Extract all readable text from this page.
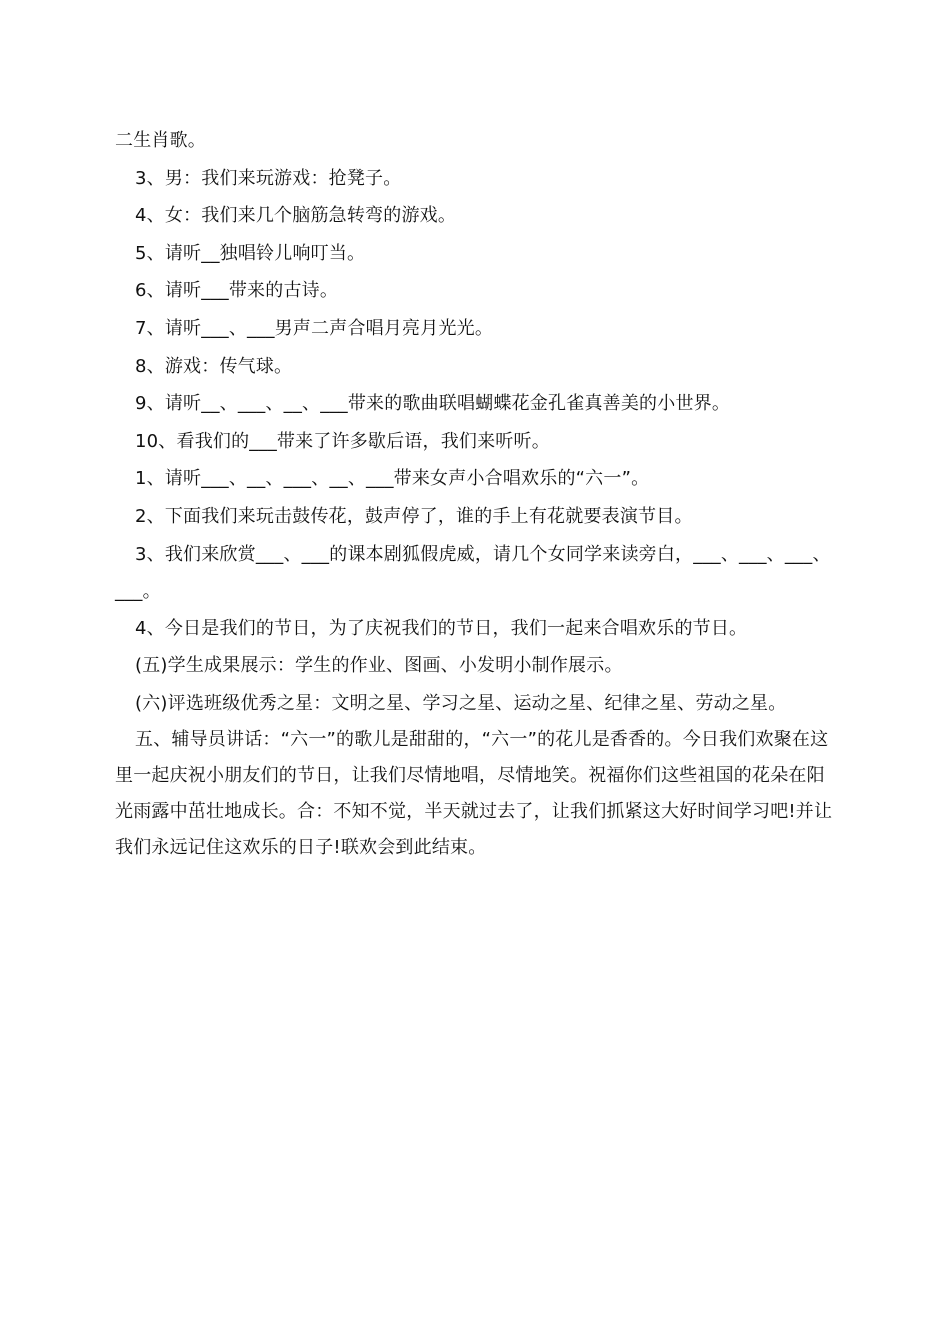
二生肖歌。
3、男：我们来玩游戏：抢凳子。
4、女：我们来几个脑筋急转弯的游戏。
5、请听__独唱铃儿响叮当。
6、请听___带来的古诗。
7、请听___、___男声二声合唱月亮月光光。
8、游戏：传气球。
9、请听__、___、__、___带来的歌曲联唱蝴蝶花金孔雀真善美的小世界。
10、看我们的___带来了许多歇后语，我们来听听。
1、请听___、__、___、__、___带来女声小合唱欢乐的“六一”。
2、下面我们来玩击鼓传花，鼓声停了，谁的手上有花就要表演节目。

3、我们来欣赏___、___的课本剧狐假虎威，请几个女同学来读旁白，___、___、___、___。

4、今日是我们的节日，为了庆祝我们的节日，我们一起来合唱欢乐的节日。
(五)学生成果展示：学生的作业、图画、小发明小制作展示。
(六)评选班级优秀之星：文明之星、学习之星、运动之星、纪律之星、劳动之星。

五、辅导员讲话：“六一”的歌儿是甜甜的，“六一”的花儿是香香的。今日我们欢聚在这里一起庆祝小朋友们的节日，让我们尽情地唱，尽情地笑。祝福你们这些祖国的花朵在阳光雨露中茁壮地成长。合：不知不觉，半天就过去了，让我们抓紧这大好时间学习吧!并让我们永远记住这欢乐的日子!联欢会到此结束。
